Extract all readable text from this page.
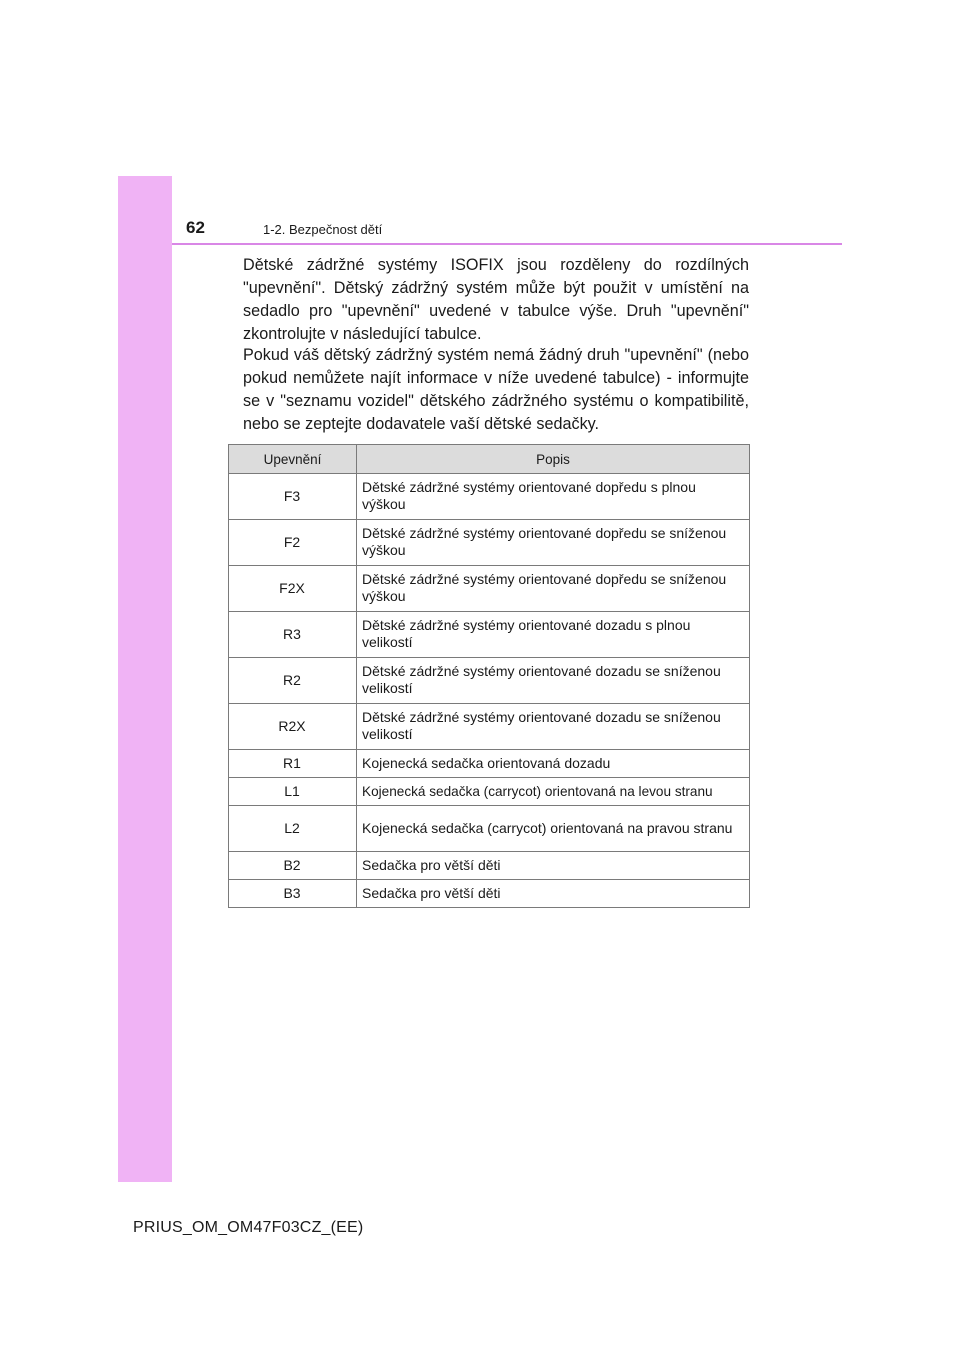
62	1-2. Bezpečnost dětí

Dětské zádržné systémy ISOFIX jsou rozděleny do rozdílných "upevnění". Dětský zádržný systém může být použit v umístění na sedadlo pro "upevnění" uvedené v tabulce výše. Druh "upevnění" zkontrolujte v následující tabulce.

Pokud váš dětský zádržný systém nemá žádný druh "upevnění" (nebo pokud nemůžete najít informace v níže uvedené tabulce) - informujte se v "seznamu vozidel" dětského zádržného systému o kompatibilitě, nebo se zeptejte dodavatele vaší dětské sedačky.

Upevnění	Popis
F3	Dětské zádržné systémy orientované dopředu s plnou výškou
F2	Dětské zádržné systémy orientované dopředu se sníženou výškou
F2X	Dětské zádržné systémy orientované dopředu se sníženou výškou
R3	Dětské zádržné systémy orientované dozadu s plnou velikostí
R2	Dětské zádržné systémy orientované dozadu se sníženou velikostí
R2X	Dětské zádržné systémy orientované dozadu se sníženou velikostí
R1	Kojenecká sedačka orientovaná dozadu
L1	Kojenecká sedačka (carrycot) orientovaná na levou stranu
L2	Kojenecká sedačka (carrycot) orientovaná na pravou stranu
B2	Sedačka pro větší děti
B3	Sedačka pro větší děti
PRIUS_OM_OM47F03CZ_(EE)
